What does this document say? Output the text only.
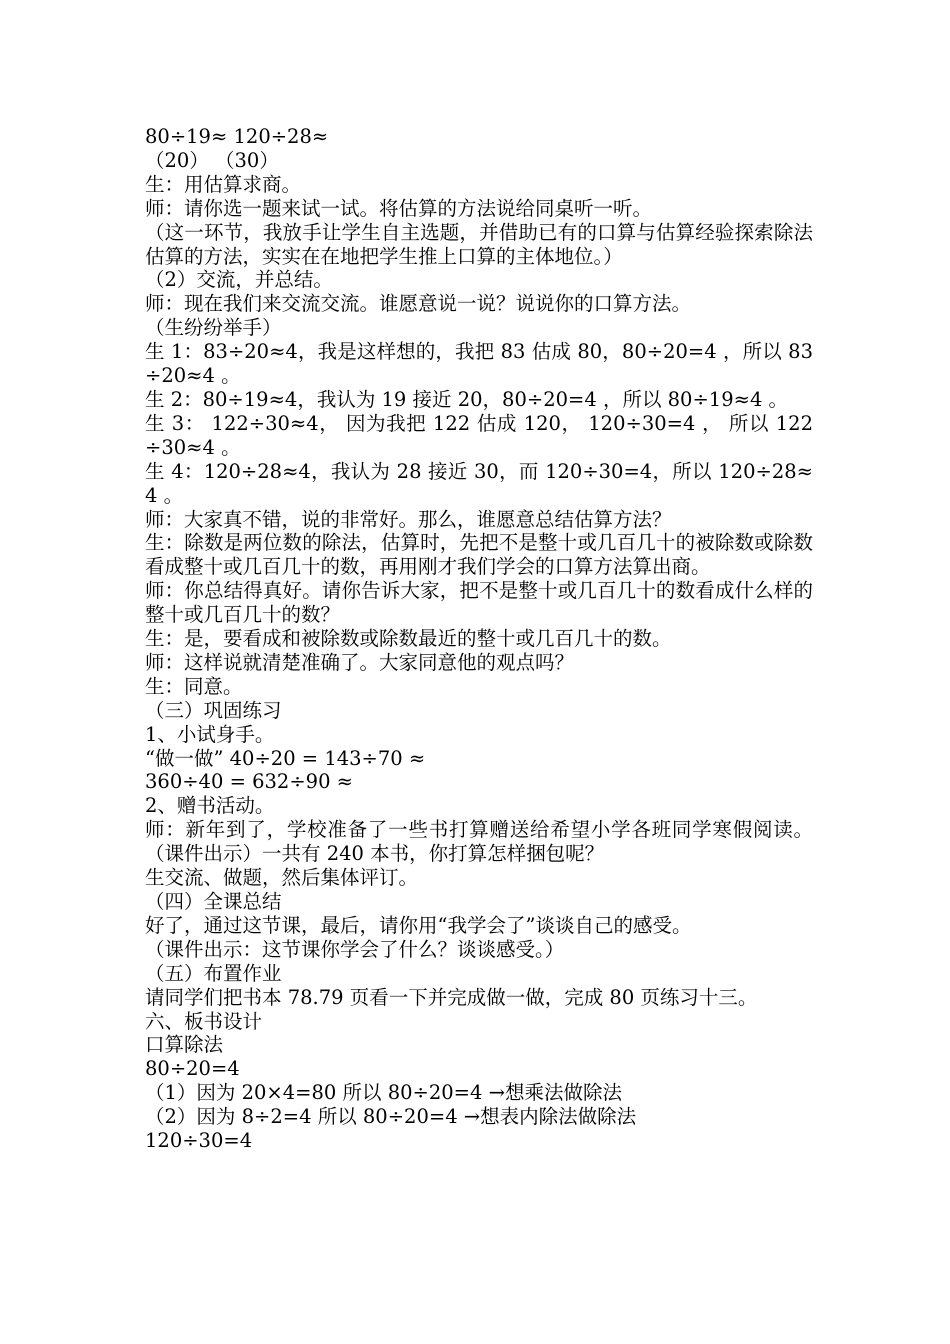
80÷19≈ 120÷28≈

（20） （30）

生：用估算求商。

师：请你选一题来试一试。将估算的方法说给同桌听一听。

（这一环节，我放手让学生自主选题，并借助已有的口算与估算经验探索除法估算的方法，实实在在地把学生推上口算的主体地位。）

（2）交流，并总结。

师：现在我们来交流交流。谁愿意说一说？说说你的口算方法。

（生纷纷举手）

生 1：83÷20≈4，我是这样想的，我把 83 估成 80，80÷20=4 ，所以 83÷20≈4 。

生 2：80÷19≈4，我认为 19 接近 20，80÷20=4 ，所以 80÷19≈4 。

生 3： 122÷30≈4， 因为我把 122 估成 120， 120÷30=4 ， 所以 122÷30≈4 。

生 4：120÷28≈4，我认为 28 接近 30，而 120÷30=4，所以 120÷28≈4 。

师：大家真不错，说的非常好。那么，谁愿意总结估算方法？

生：除数是两位数的除法，估算时，先把不是整十或几百几十的被除数或除数看成整十或几百几十的数，再用刚才我们学会的口算方法算出商。

师：你总结得真好。请你告诉大家，把不是整十或几百几十的数看成什么样的整十或几百几十的数？

生：是，要看成和被除数或除数最近的整十或几百几十的数。

师：这样说就清楚准确了。大家同意他的观点吗？

生：同意。

（三）巩固练习

1、小试身手。

“做一做” 40÷20 = 143÷70 ≈

360÷40 = 632÷90 ≈

2、赠书活动。

师：新年到了，学校准备了一些书打算赠送给希望小学各班同学寒假阅读。（课件出示）一共有 240 本书，你打算怎样捆包呢？

生交流、做题，然后集体评订。

（四）全课总结

好了，通过这节课，最后，请你用“我学会了”谈谈自己的感受。

（课件出示：这节课你学会了什么？谈谈感受。）

（五）布置作业

请同学们把书本 78.79 页看一下并完成做一做，完成 80 页练习十三。

六、板书设计

口算除法

80÷20=4

（1）因为 20×4=80 所以 80÷20=4 →想乘法做除法

（2）因为 8÷2=4 所以 80÷20=4 →想表内除法做除法

120÷30=4
